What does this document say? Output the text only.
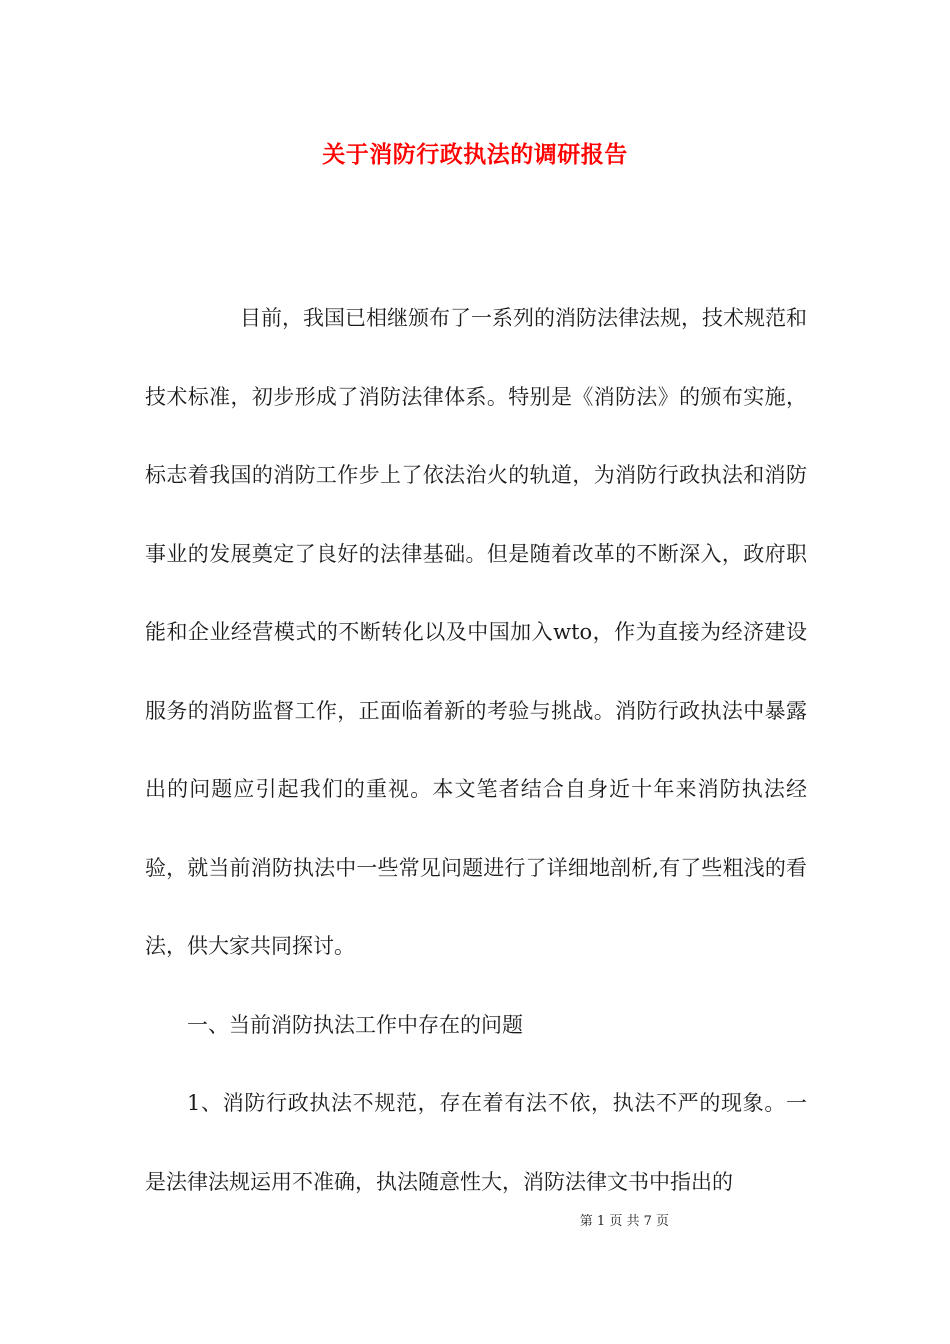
关于消防行政执法的调研报告

目前，我国已相继颁布了一系列的消防法律法规，技术规范和技术标准，初步形成了消防法律体系。特别是《消防法》的颁布实施，标志着我国的消防工作步上了依法治火的轨道，为消防行政执法和消防事业的发展奠定了良好的法律基础。但是随着改革的不断深入，政府职能和企业经营模式的不断转化以及中国加入wto，作为直接为经济建设服务的消防监督工作，正面临着新的考验与挑战。消防行政执法中暴露出的问题应引起我们的重视。本文笔者结合自身近十年来消防执法经验，就当前消防执法中一些常见问题进行了详细地剖析,有了些粗浅的看法，供大家共同探讨。

一、当前消防执法工作中存在的问题

1、消防行政执法不规范，存在着有法不依，执法不严的现象。一是法律法规运用不准确，执法随意性大，消防法律文书中指出的

第 1 页 共 7 页
